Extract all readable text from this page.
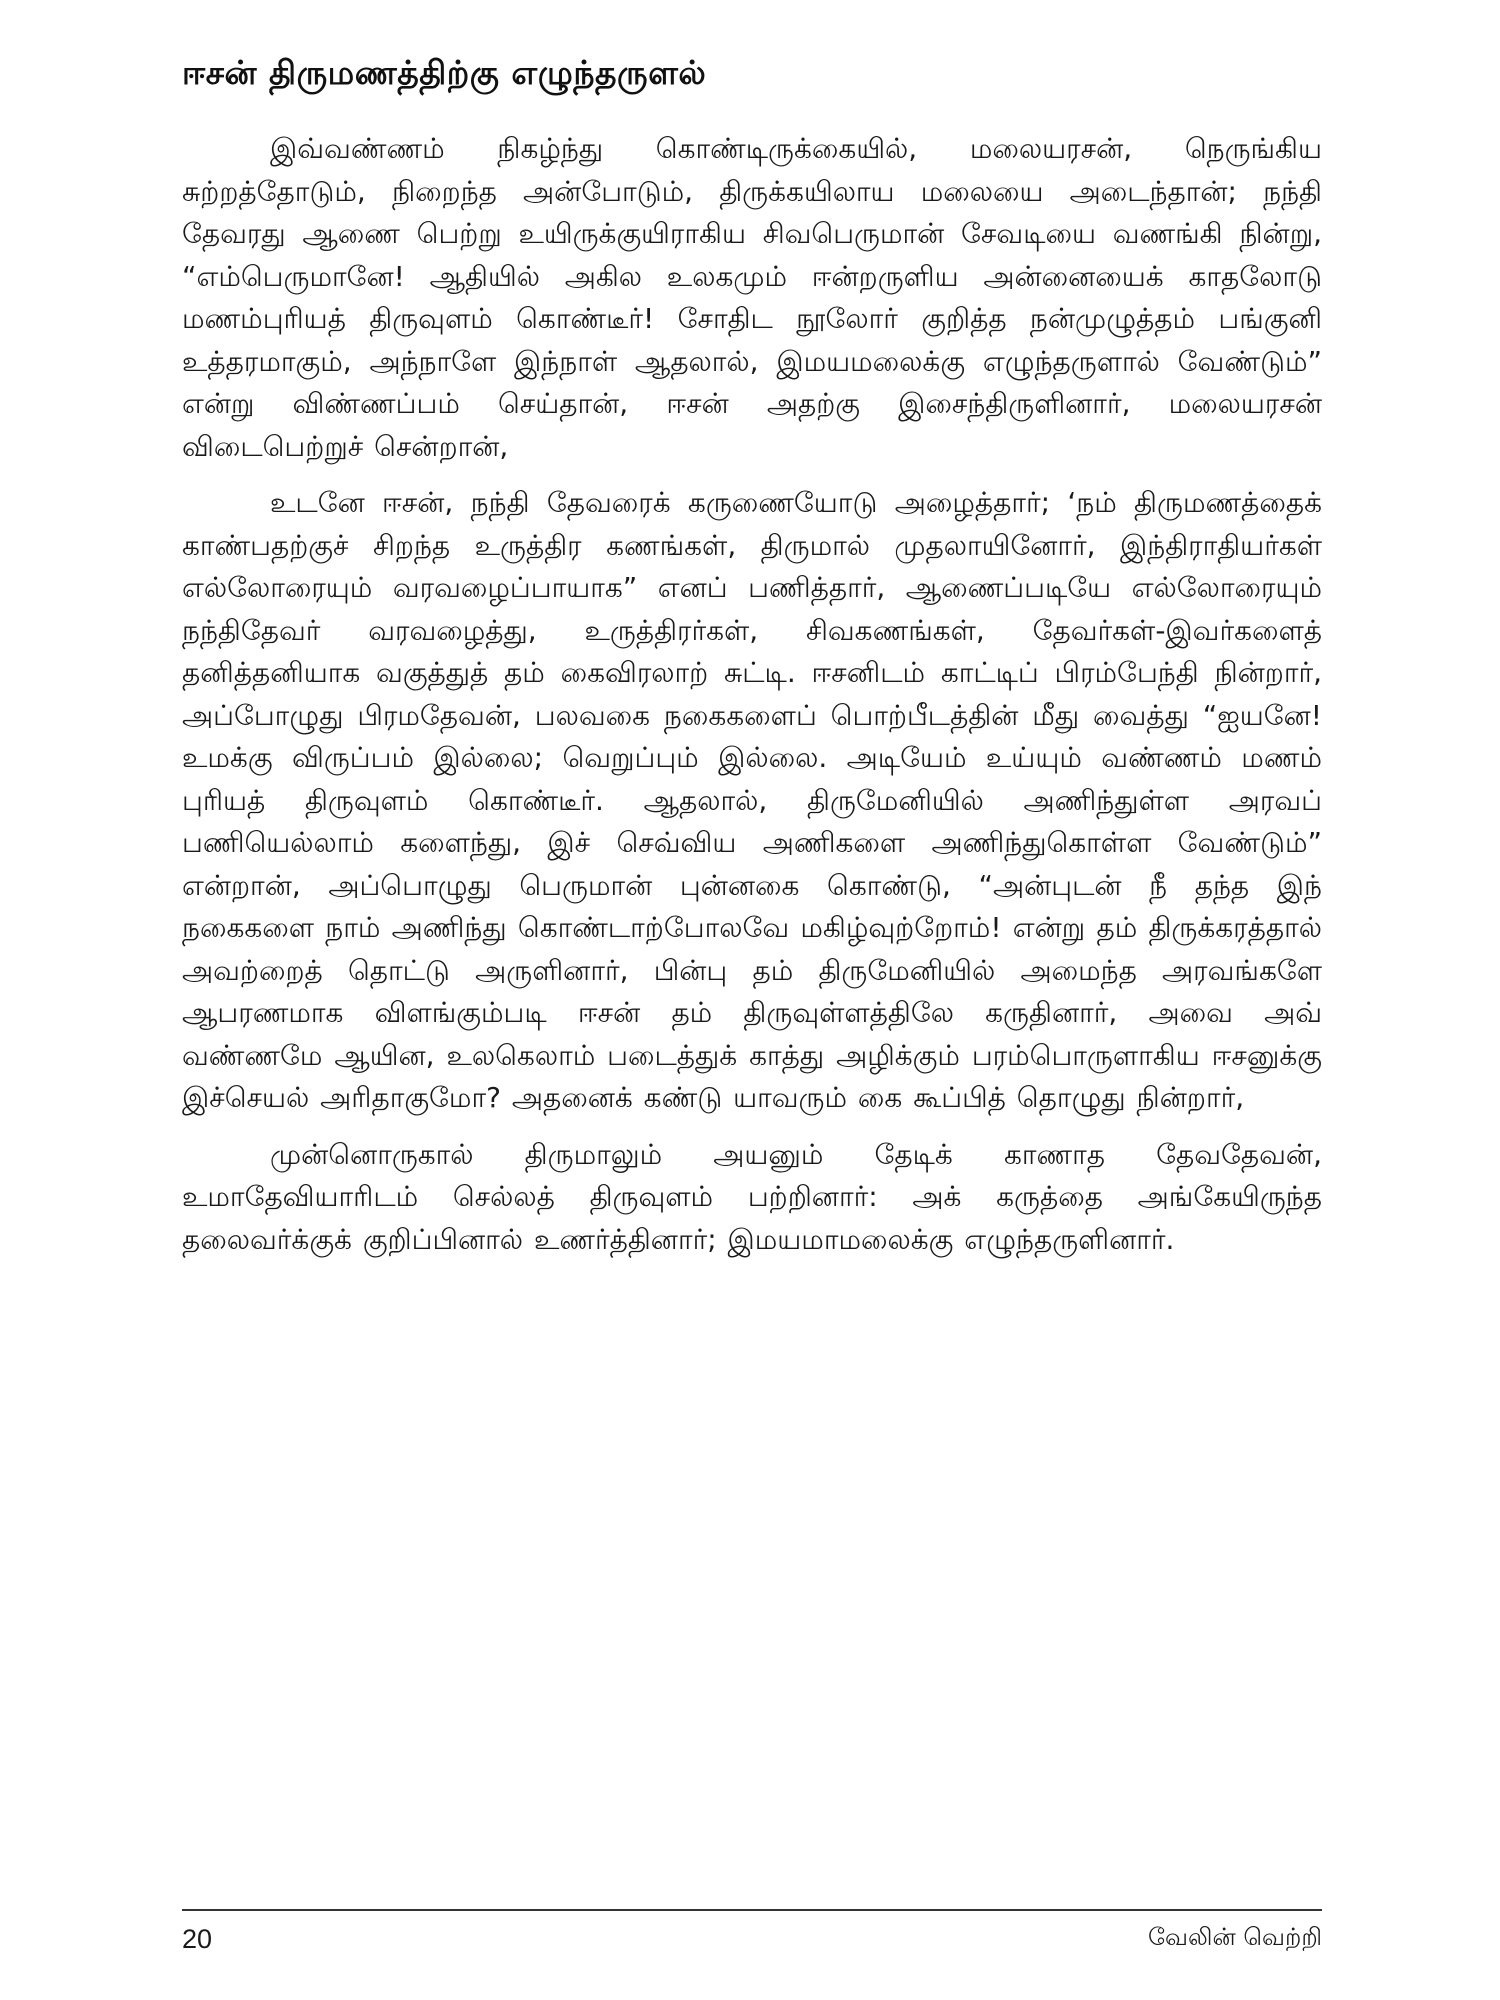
ஈசன் திருமணத்திற்கு எழுந்தருளல்

இவ்வண்ணம் நிகழ்ந்து கொண்டிருக்கையில், மலையரசன், நெருங்கிய சுற்றத்தோடும், நிறைந்த அன்போடும், திருக்கயிலாய மலையை அடைந்தான்; நந்தி தேவரது ஆணை பெற்று உயிருக்குயிராகிய சிவபெருமான் சேவடியை வணங்கி நின்று, “எம்பெருமானே! ஆதியில் அகில உலகமும் ஈன்றருளிய அன்னையைக் காதலோடு மணம்புரியத் திருவுளம் கொண்டீர்! சோதிட நூலோர் குறித்த நன்முழுத்தம் பங்குனி உத்தரமாகும், அந்நாளே இந்நாள் ஆதலால், இமயமலைக்கு எழுந்தருளால் வேண்டும்” என்று விண்ணப்பம் செய்தான், ஈசன் அதற்கு இசைந்திருளினார், மலையரசன் விடைபெற்றுச் சென்றான்,

உடனே ஈசன், நந்தி தேவரைக் கருணையோடு அழைத்தார்; ‘நம் திருமணத்தைக் காண்பதற்குச் சிறந்த உருத்திர கணங்கள், திருமால் முதலாயினோர், இந்திராதியர்கள் எல்லோரையும் வரவழைப்பாயாக” எனப் பணித்தார், ஆணைப்படியே எல்லோரையும் நந்திதேவர் வரவழைத்து, உருத்திரர்கள், சிவகணங்கள், தேவர்கள்-இவர்களைத் தனித்தனியாக வகுத்துத் தம் கைவிரலாற் சுட்டி. ஈசனிடம் காட்டிப் பிரம்பேந்தி நின்றார், அப்போழுது பிரமதேவன், பலவகை நகைகளைப் பொற்பீடத்தின் மீது வைத்து “ஐயனே! உமக்கு விருப்பம் இல்லை; வெறுப்பும் இல்லை. அடியேம் உய்யும் வண்ணம் மணம் புரியத் திருவுளம் கொண்டீர். ஆதலால், திருமேனியில் அணிந்துள்ள அரவப் பணியெல்லாம் களைந்து, இச் செவ்விய அணிகளை அணிந்துகொள்ள வேண்டும்” என்றான், அப்பொழுது பெருமான் புன்னகை கொண்டு, “அன்புடன் நீ தந்த இந் நகைகளை நாம் அணிந்து கொண்டாற்போலவே மகிழ்வுற்றோம்! என்று தம் திருக்கரத்தால் அவற்றைத் தொட்டு அருளினார், பின்பு தம் திருமேனியில் அமைந்த அரவங்களே ஆபரணமாக விளங்கும்படி ஈசன் தம் திருவுள்ளத்திலே கருதினார், அவை அவ் வண்ணமே ஆயின, உலகெலாம் படைத்துக் காத்து அழிக்கும் பரம்பொருளாகிய ஈசனுக்கு இச்செயல் அரிதாகுமோ? அதனைக் கண்டு யாவரும் கை கூப்பித் தொழுது நின்றார்,

முன்னொருகால் திருமாலும் அயனும் தேடிக் காணாத தேவதேவன், உமாதேவியாரிடம் செல்லத் திருவுளம் பற்றினார்: அக் கருத்தை அங்கேயிருந்த தலைவர்க்குக் குறிப்பினால் உணர்த்தினார்; இமயமாமலைக்கு எழுந்தருளினார்.

20	வேலின் வெற்றி
